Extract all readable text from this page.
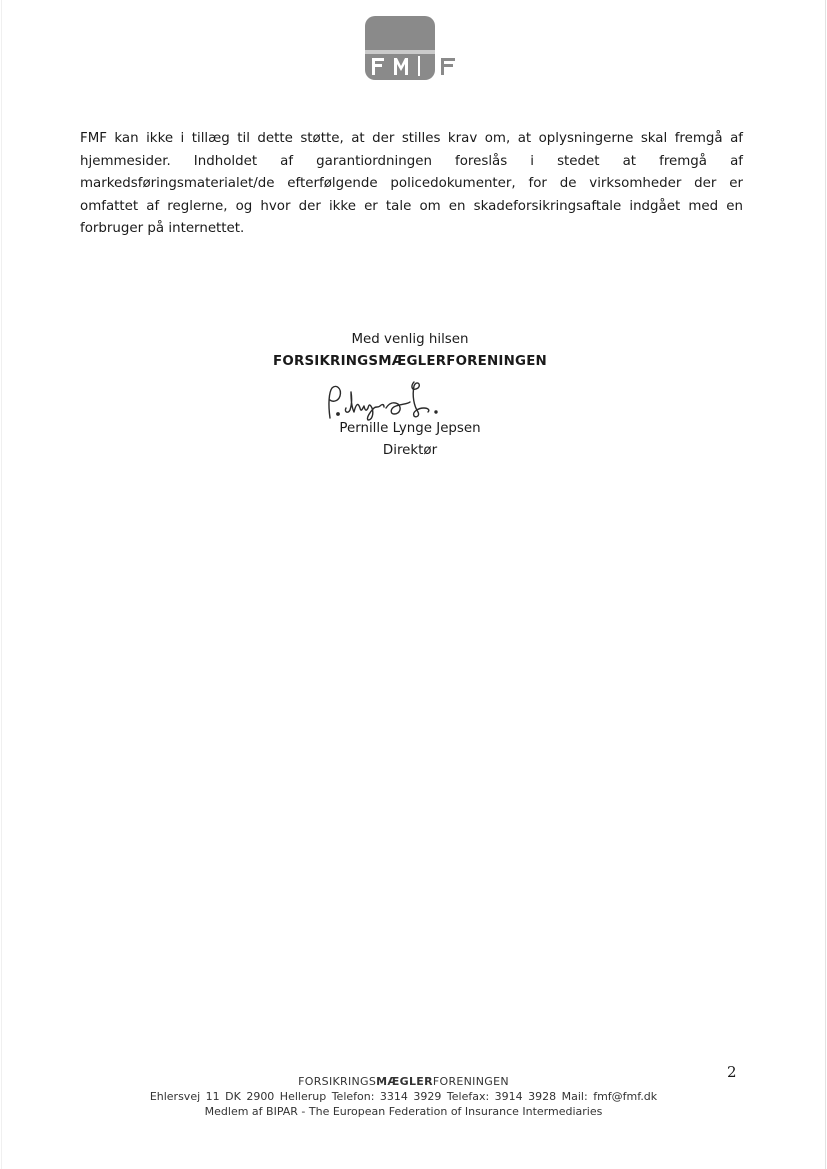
FMF kan ikke i tillæg til dette støtte, at der stilles krav om, at oplysningerne skal fremgå af hjemmesider. Indholdet af garantiordningen foreslås i stedet at fremgå af markedsføringsmaterialet/de efterfølgende policedokumenter, for de virksomheder der er omfattet af reglerne, og hvor der ikke er tale om en skadeforsikringsaftale indgået med en forbruger på internettet.

Med venlig hilsen
FORSIKRINGSMÆGLERFORENINGEN
Pernille Lynge Jepsen
Direktør
2
FORSIKRINGSMÆGLERFORENINGEN
Ehlersvej 11 DK 2900 Hellerup Telefon: 3314 3929 Telefax: 3914 3928 Mail: fmf@fmf.dk
Medlem af BIPAR - The European Federation of Insurance Intermediaries
